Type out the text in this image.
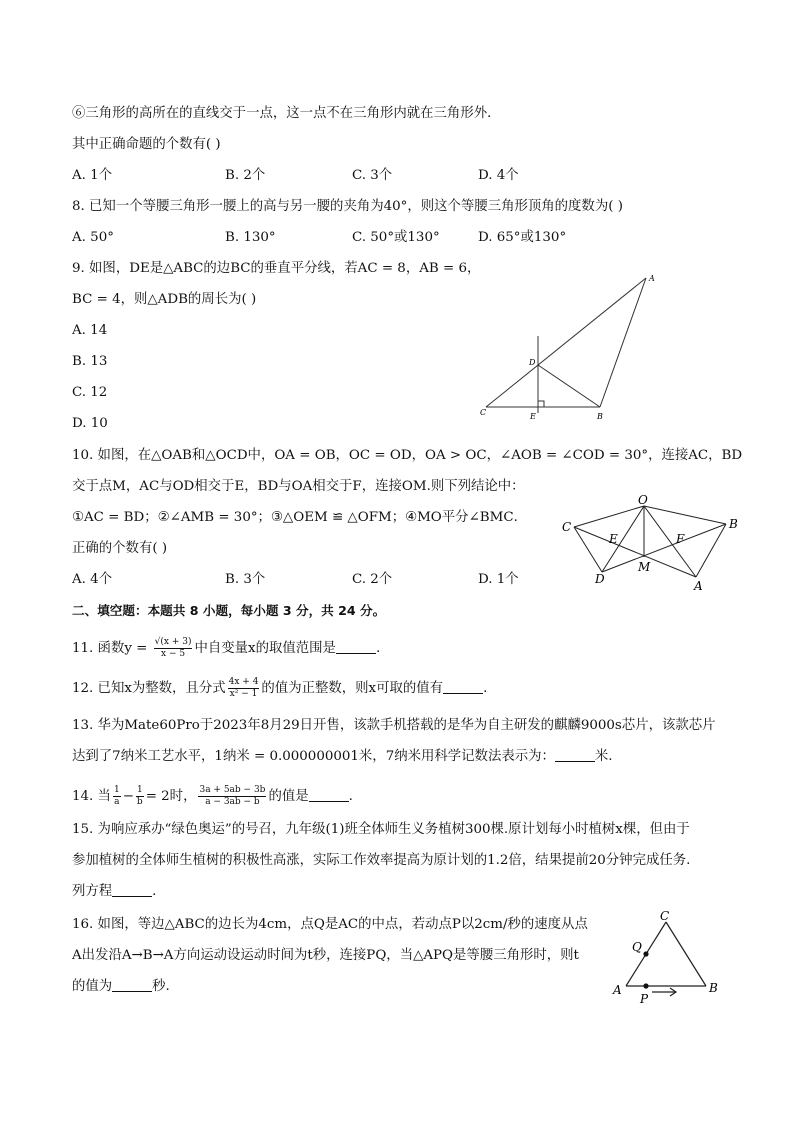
⑥三角形的高所在的直线交于一点，这一点不在三角形内就在三角形外．
其中正确命题的个数有( )
A. 1个	B. 2个	C. 3个	D. 4个
8. 已知一个等腰三角形一腰上的高与另一腰的夹角为40°，则这个等腰三角形顶角的度数为( )
A. 50°	B. 130°	C. 50°或130°	D. 65°或130°
9. 如图，DE是△ABC的边BC的垂直平分线，若AC = 8，AB = 6，
BC = 4，则△ADB的周长为( )
A. 14
B. 13
C. 12
D. 10
A
B
C
D
E
10. 如图，在△OAB和△OCD中，OA = OB，OC = OD，OA > OC，∠AOB = ∠COD = 30°，连接AC，BD
交于点M，AC与OD相交于E，BD与OA相交于F，连接OM.则下列结论中：
①AC = BD；②∠AMB = 30°；③△OEM ≌ △OFM；④MO平分∠BMC．
正确的个数有( )
A. 4个	B. 3个	C. 2个	D. 1个
O
C	B
E	F
D
M
A
二、填空题：本题共 8 小题，每小题 3 分，共 24 分。
11. 函数$y = \frac{√(x + 3)}{x - 5}$ 中自变量x的取值范围是	.
12. 已知x为整数，且分式 $\frac{4x + 4}{\text{x² − 1}}$ 的值为正整数，则x可取的值有	.
13. 华为Mate60Pro于2023年8月29日开售，该款手机搭载的是华为自主研发的麒麟9000s芯片，该款芯片
达到了7纳米工艺水平，1纳米 = 0.000000001米，7纳米用科学记数法表示为：	米.
14. 当 $\frac{1}{a} - \frac{1}{b} = 2$时， $\frac{3a + 5ab - 3b}{a - 3ab - b}$ 的值是	.
15. 为响应承办“绿色奥运”的号召，九年级(1)班全体师生义务植树300棵.原计划每小时植树x棵，但由于
参加植树的全体师生植树的积极性高涨，实际工作效率提高为原计划的1.2倍，结果提前20分钟完成任务.
列方程	.
16. 如图，等边△ABC的边长为4cm，点Q是AC的中点，若动点P以2cm/秒的速度从点
A出发沿A→B→A方向运动设运动时间为t秒，连接PQ，当△APQ是等腰三角形时，则t
的值为	秒.
C
Q
A	B
P
